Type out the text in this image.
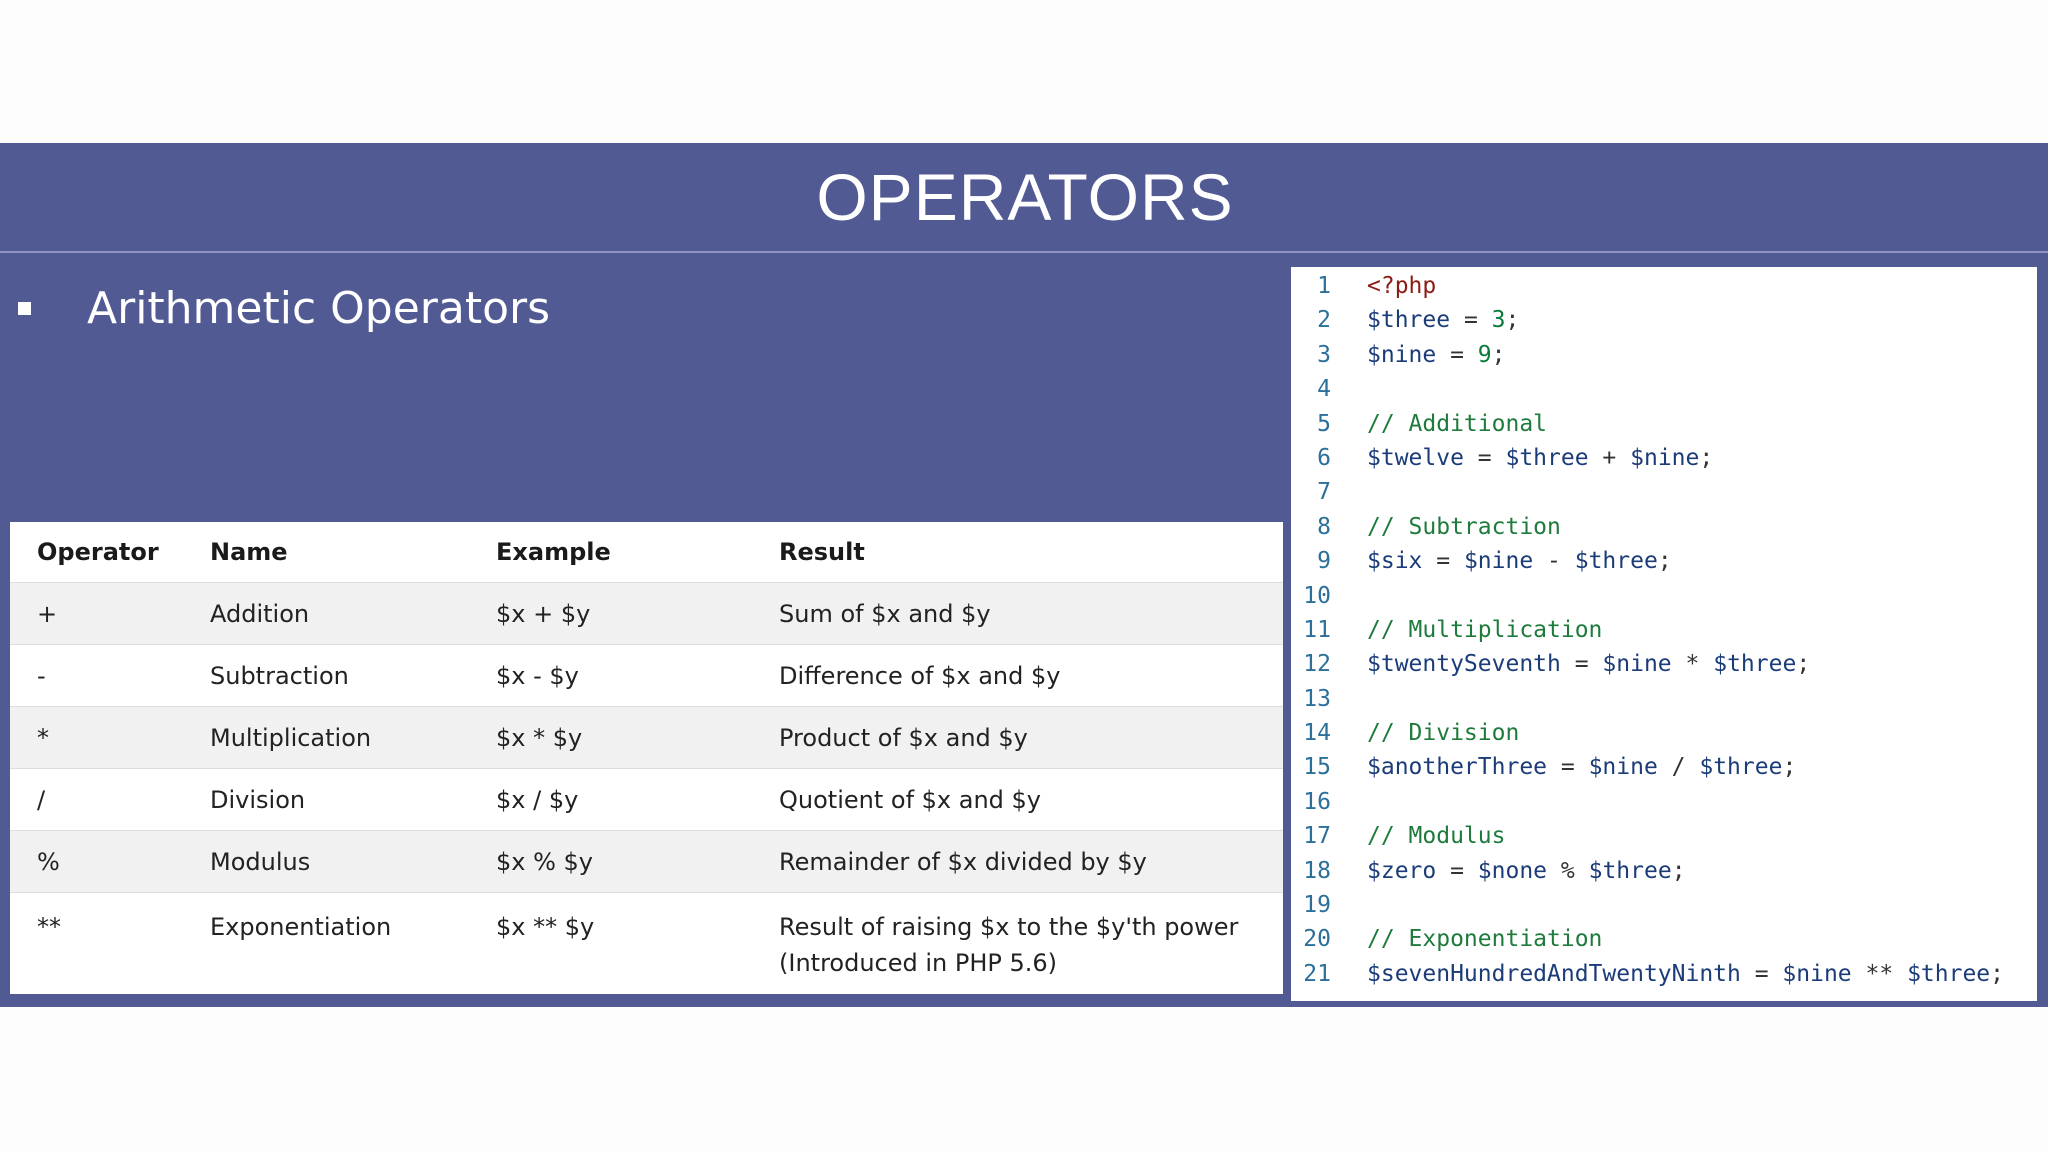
OPERATORS
Arithmetic Operators
Operator	Name	Example	Result
+	Addition	$x + $y	Sum of $x and $y
-	Subtraction	$x - $y	Difference of $x and $y
*	Multiplication	$x * $y	Product of $x and $y
/	Division	$x / $y	Quotient of $x and $y
%	Modulus	$x % $y	Remainder of $x divided by $y
**	Exponentiation	$x ** $y	Result of raising $x to the $y'th power
(Introduced in PHP 5.6)
1 <?php
2 $three = 3;
3 $nine = 9;
4
5 // Additional
6 $twelve = $three + $nine;
7
8 // Subtraction
9 $six = $nine - $three;
10
11 // Multiplication
12 $twentySeventh = $nine * $three;
13
14 // Division
15 $anotherThree = $nine / $three;
16
17 // Modulus
18 $zero = $none % $three;
19
20 // Exponentiation
21 $sevenHundredAndTwentyNinth = $nine ** $three;
